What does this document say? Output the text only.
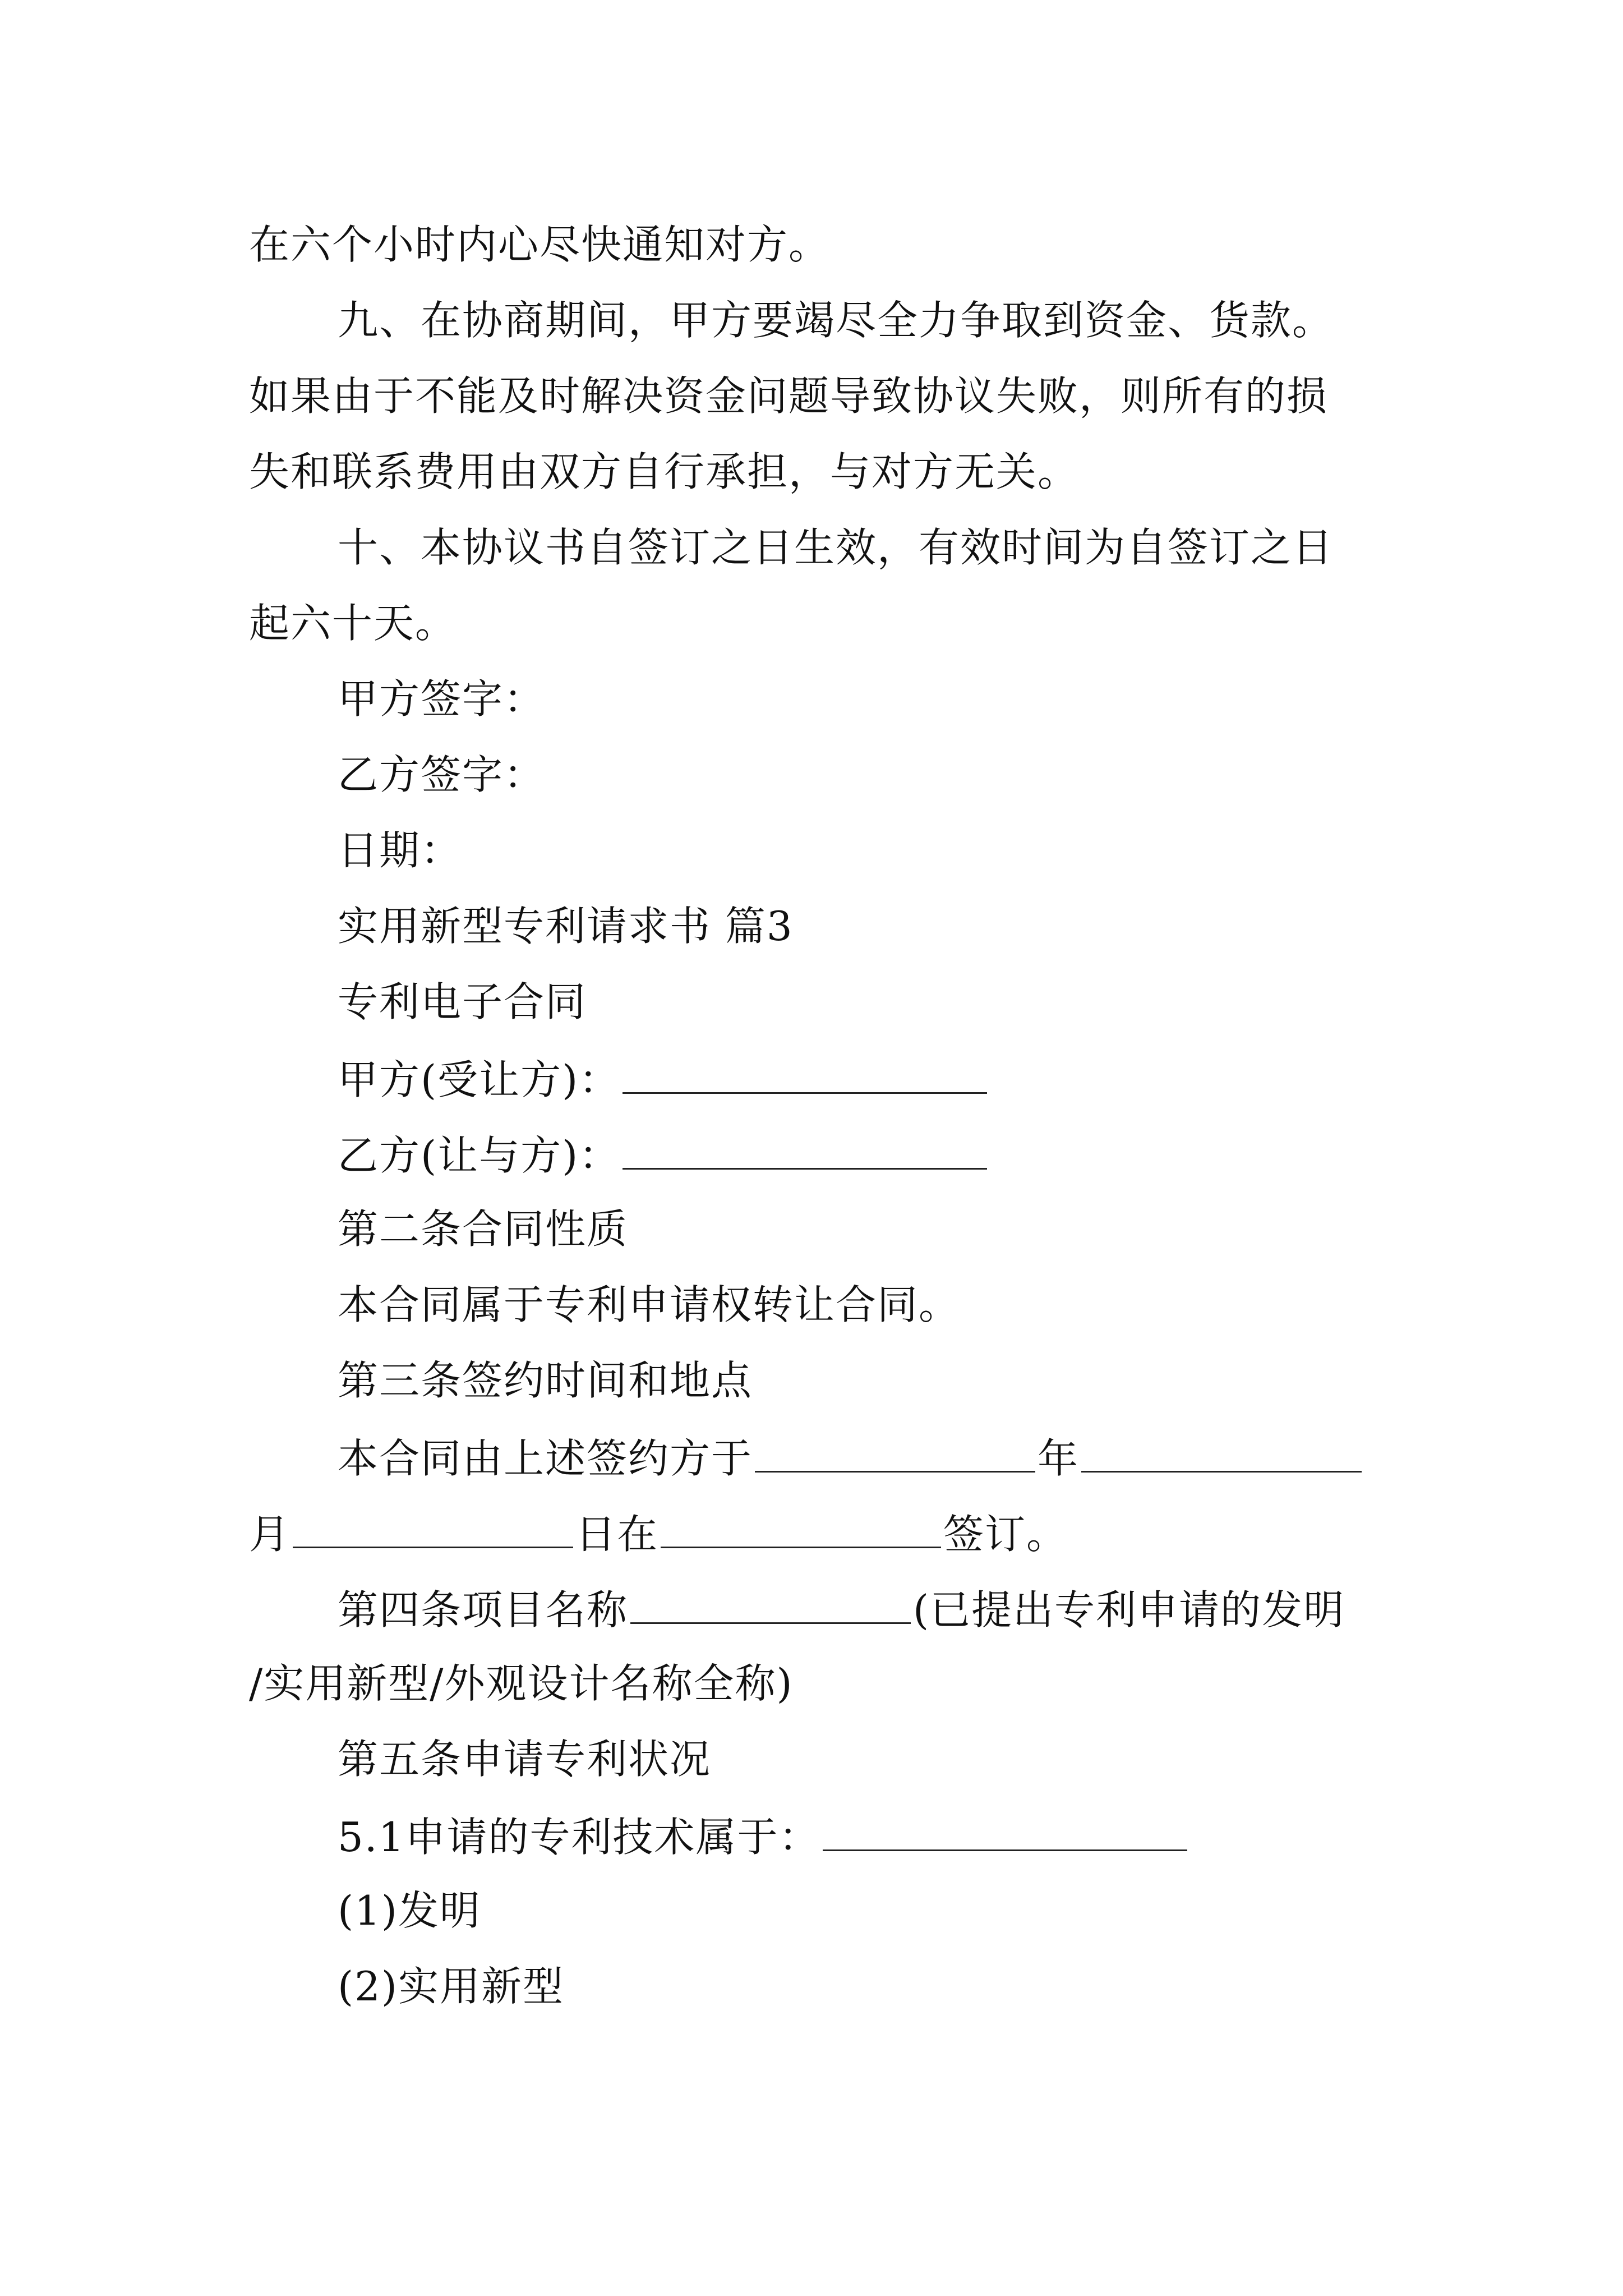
在六个小时内心尽快通知对方。
九、在协商期间，甲方要竭尽全力争取到资金、货款。
如果由于不能及时解决资金问题导致协议失败，则所有的损
失和联系费用由双方自行承担，与对方无关。
十、本协议书自签订之日生效，有效时间为自签订之日
起六十天。
甲方签字：
乙方签字：
日期：
实用新型专利请求书 篇3
专利电子合同
甲方(受让方)：
乙方(让与方)：
第二条合同性质
本合同属于专利申请权转让合同。
第三条签约时间和地点
本合同由上述签约方于	年
月	日在	签订。
第四条项目名称	(已提出专利申请的发明
/实用新型/外观设计名称全称)
第五条申请专利状况
5.1申请的专利技术属于：
(1)发明
(2)实用新型
